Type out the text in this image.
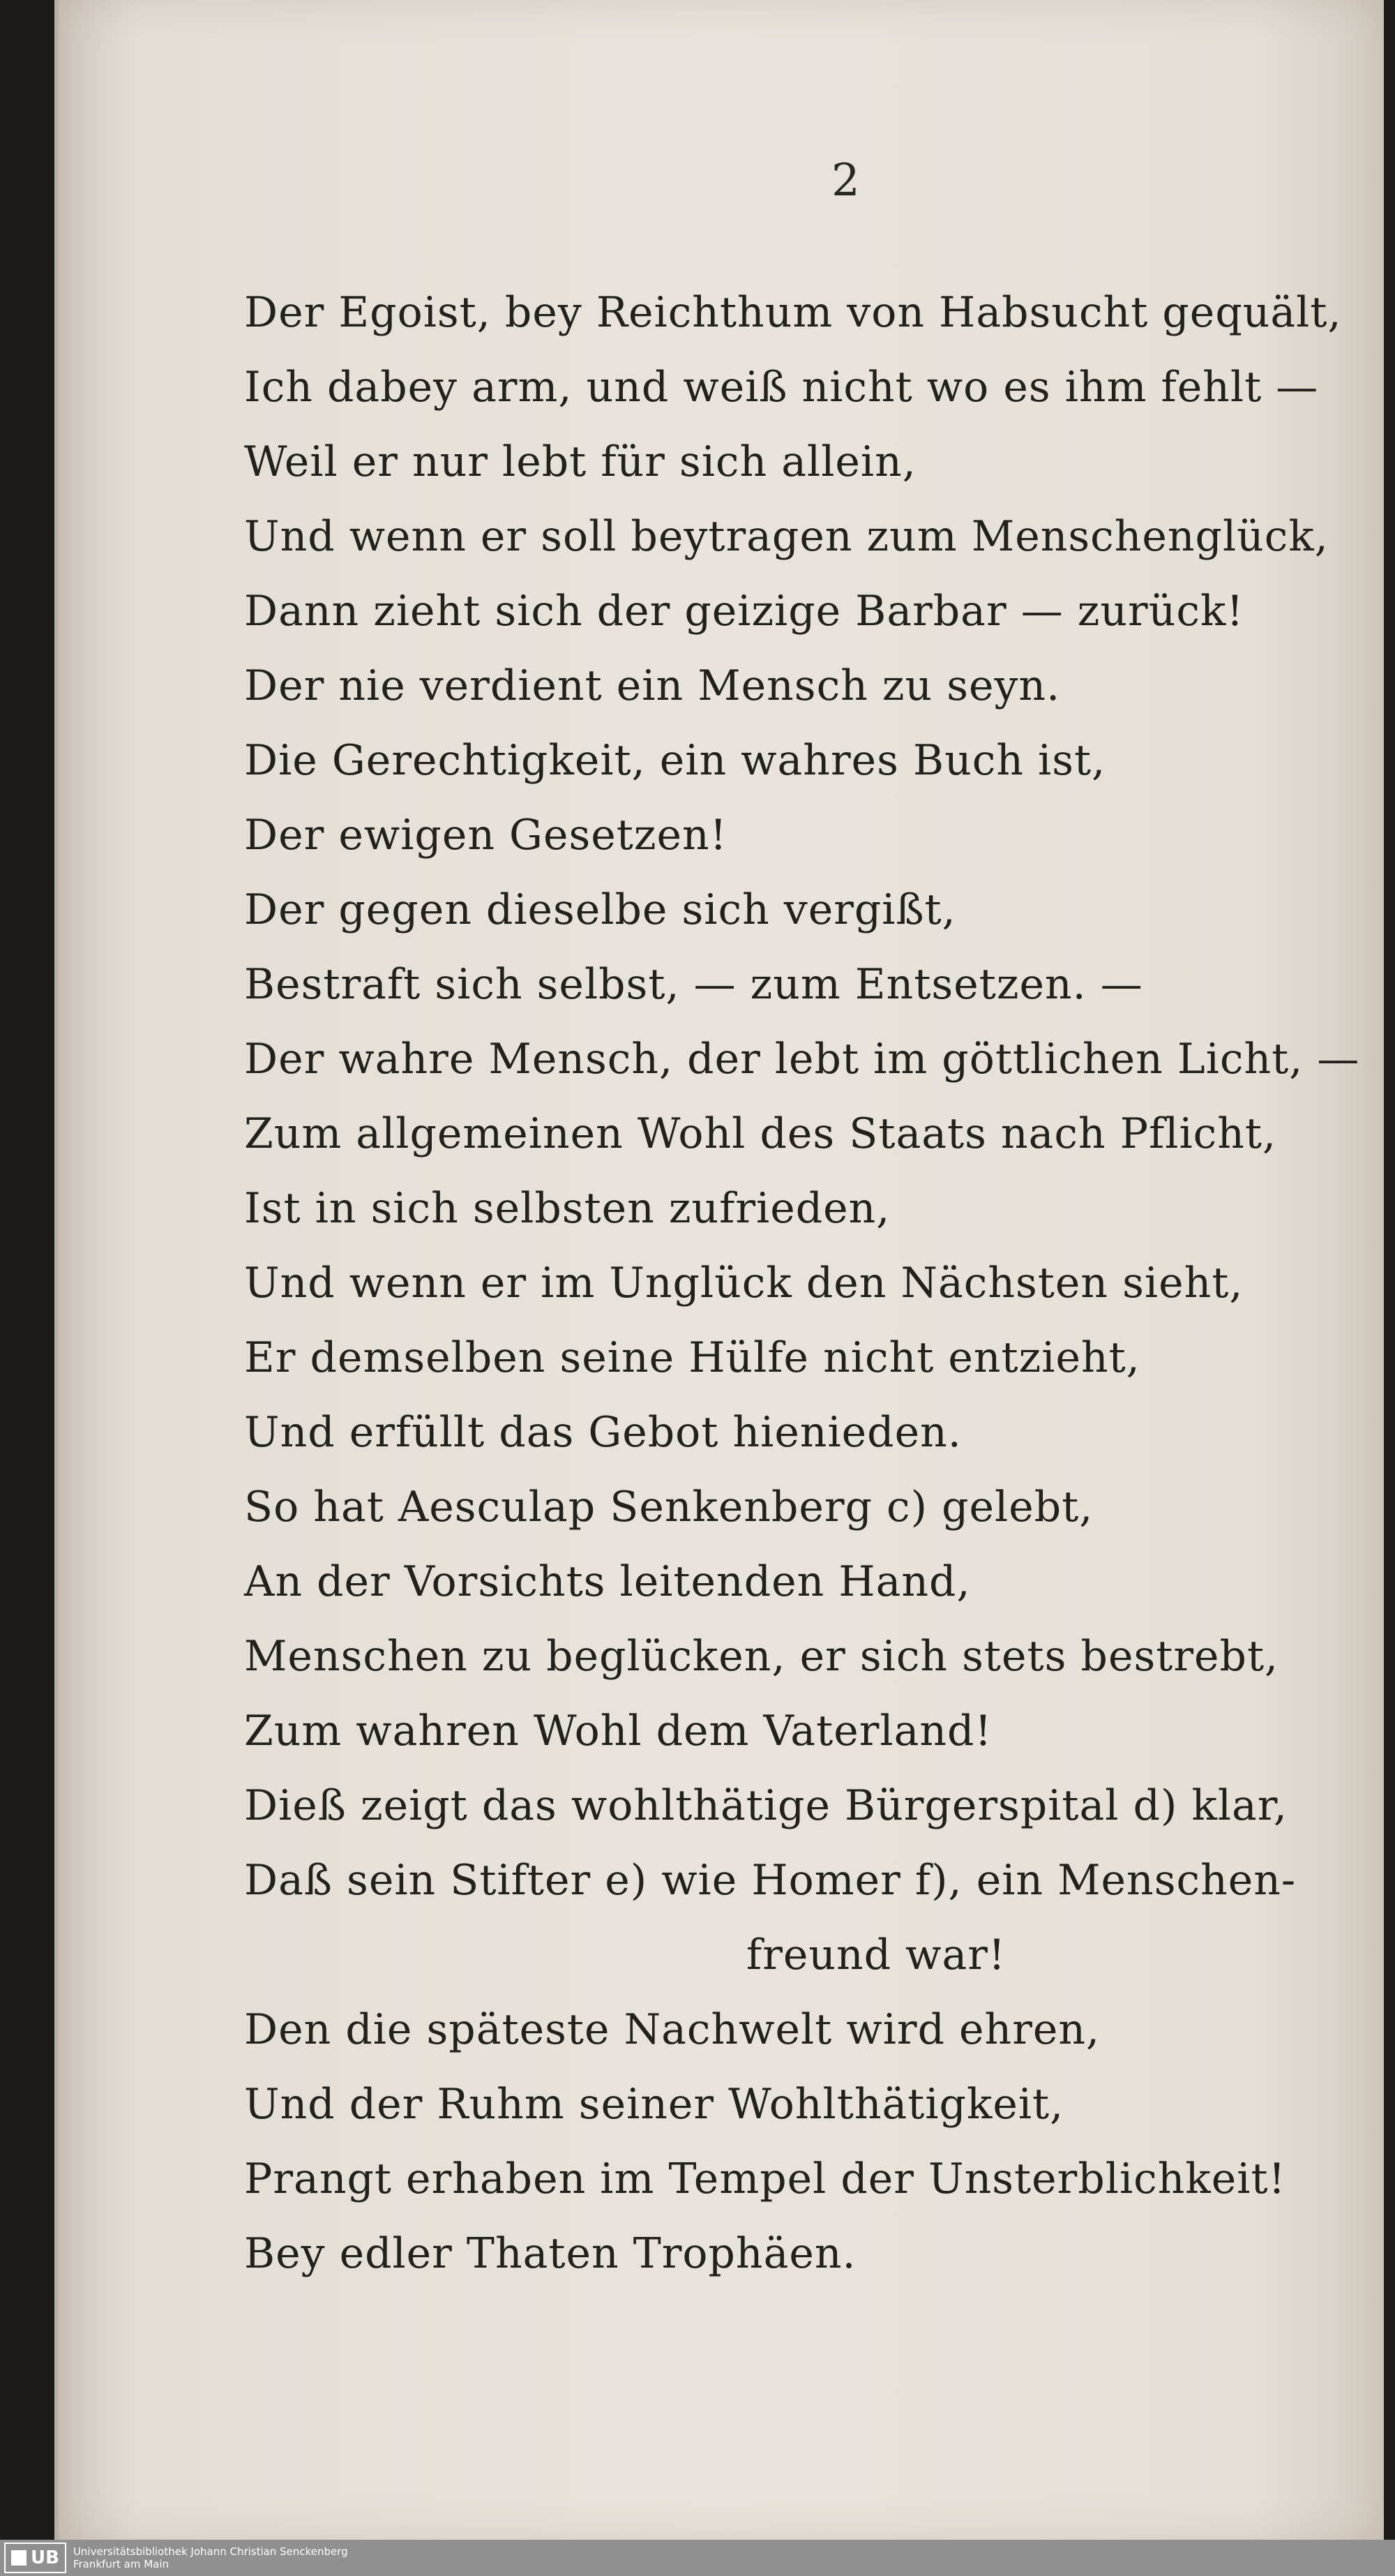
2
Der Egoist, bey Reichthum von Habsucht gequält,
Ich dabey arm, und weiß nicht wo es ihm fehlt —
Weil er nur lebt für sich allein,
Und wenn er soll beytragen zum Menschenglück,
Dann zieht sich der geizige Barbar — zurück!
Der nie verdient ein Mensch zu seyn.
Die Gerechtigkeit, ein wahres Buch ist,
Der ewigen Gesetzen!
Der gegen dieselbe sich vergißt,
Bestraft sich selbst, — zum Entsetzen. —
Der wahre Mensch, der lebt im göttlichen Licht, —
Zum allgemeinen Wohl des Staats nach Pflicht,
Ist in sich selbsten zufrieden,
Und wenn er im Unglück den Nächsten sieht,
Er demselben seine Hülfe nicht entzieht,
Und erfüllt das Gebot hienieden.
So hat Aesculap Senkenberg c) gelebt,
An der Vorsichts leitenden Hand,
Menschen zu beglücken, er sich stets bestrebt,
Zum wahren Wohl dem Vaterland!
Dieß zeigt das wohlthätige Bürgerspital d) klar,
Daß sein Stifter e) wie Homer f), ein Menschen-
freund war!
Den die späteste Nachwelt wird ehren,
Und der Ruhm seiner Wohlthätigkeit,
Prangt erhaben im Tempel der Unsterblichkeit!
Bey edler Thaten Trophäen.
UB Universitätsbibliothek Johann Christian Senckenberg
Frankfurt am Main
